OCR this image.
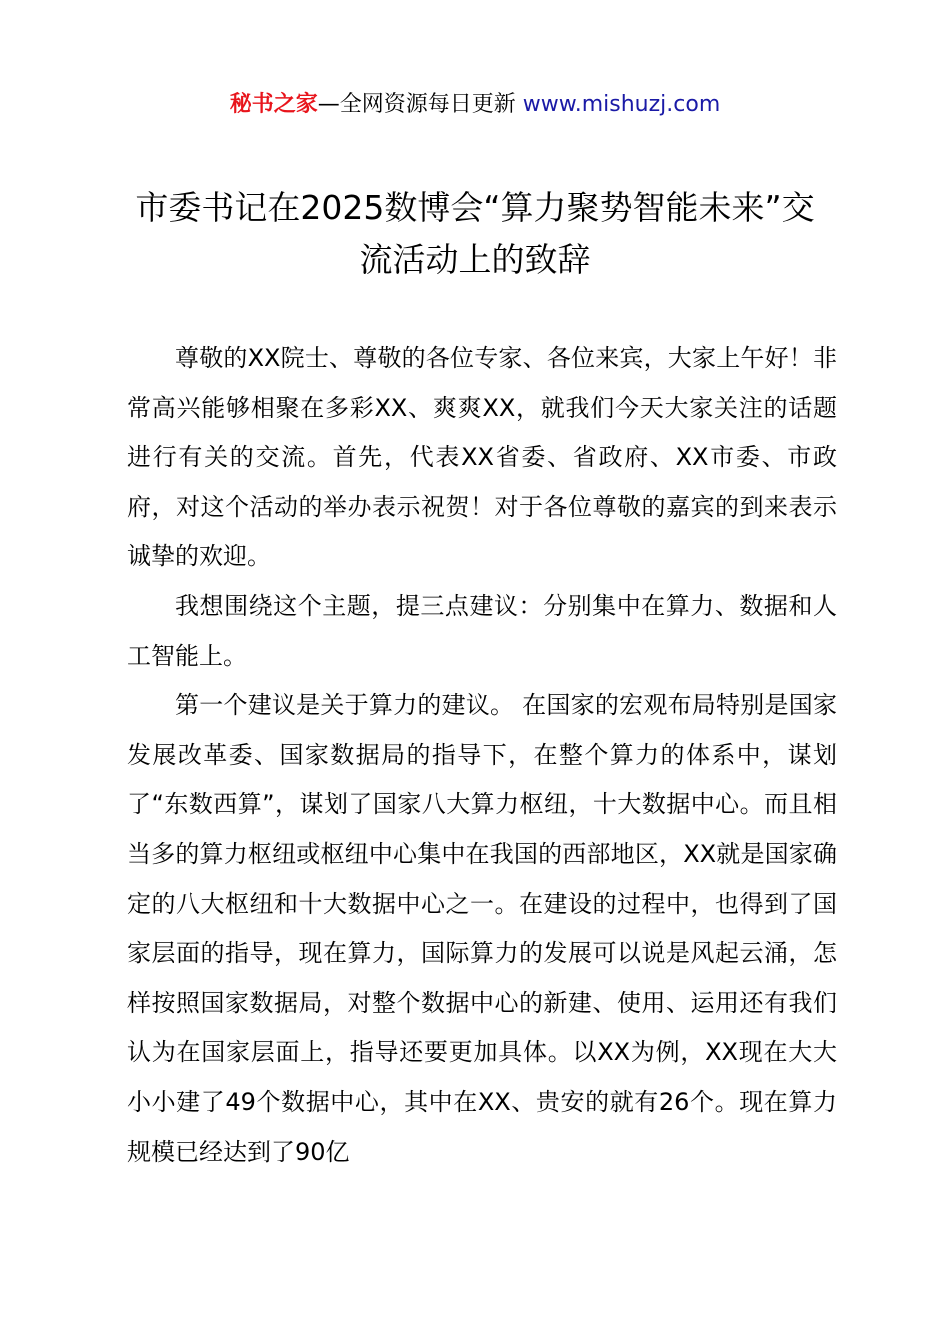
秘书之家—全网资源每日更新 www.mishuzj.com
市委书记在2025数博会“算力聚势智能未来”交流活动上的致辞

尊敬的XX院士、尊敬的各位专家、各位来宾，大家上午好！非常高兴能够相聚在多彩XX、爽爽XX，就我们今天大家关注的话题进行有关的交流。首先，代表XX省委、省政府、XX市委、市政府，对这个活动的举办表示祝贺！对于各位尊敬的嘉宾的到来表示诚挚的欢迎。

我想围绕这个主题，提三点建议：分别集中在算力、数据和人工智能上。

第一个建议是关于算力的建议。 在国家的宏观布局特别是国家发展改革委、国家数据局的指导下，在整个算力的体系中，谋划了“东数西算”，谋划了国家八大算力枢纽，十大数据中心。而且相当多的算力枢纽或枢纽中心集中在我国的西部地区，XX就是国家确定的八大枢纽和十大数据中心之一。在建设的过程中，也得到了国家层面的指导，现在算力，国际算力的发展可以说是风起云涌，怎样按照国家数据局，对整个数据中心的新建、使用、运用还有我们认为在国家层面上，指导还要更加具体。以XX为例，XX现在大大小小建了49个数据中心，其中在XX、贵安的就有26个。现在算力规模已经达到了90亿
